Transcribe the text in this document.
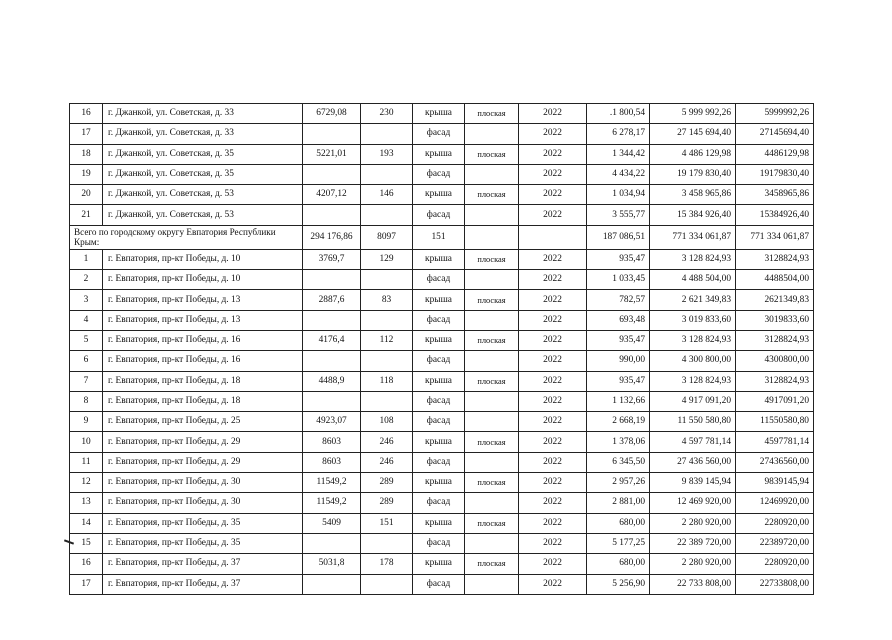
16	г. Джанкой, ул. Советская, д. 33	6729,08	230	крыша	плоская	2022	.1 800,54	5 999 992,26	5999992,26
17	г. Джанкой, ул. Советская, д. 33			фасад		2022	6 278,17	27 145 694,40	27145694,40
18	г. Джанкой, ул. Советская, д. 35	5221,01	193	крыша	плоская	2022	1 344,42	4 486 129,98	4486129,98
19	г. Джанкой, ул. Советская, д. 35			фасад		2022	4 434,22	19 179 830,40	19179830,40
20	г. Джанкой, ул. Советская, д. 53	4207,12	146	крыша	плоская	2022	1 034,94	3 458 965,86	3458965,86
21	г. Джанкой, ул. Советская, д. 53			фасад		2022	3 555,77	15 384 926,40	15384926,40
Всего по городскому округу Евпатория Республики Крым:		294 176,86	8097	151			187 086,51	771 334 061,87	771 334 061,87
1	г. Евпатория, пр-кт Победы, д. 10	3769,7	129	крыша	плоская	2022	935,47	3 128 824,93	3128824,93
2	г. Евпатория, пр-кт Победы, д. 10			фасад		2022	1 033,45	4 488 504,00	4488504,00
3	г. Евпатория, пр-кт Победы, д. 13	2887,6	83	крыша	плоская	2022	782,57	2 621 349,83	2621349,83
4	г. Евпатория, пр-кт Победы, д. 13			фасад		2022	693,48	3 019 833,60	3019833,60
5	г. Евпатория, пр-кт Победы, д. 16	4176,4	112	крыша	плоская	2022	935,47	3 128 824,93	3128824,93
6	г. Евпатория, пр-кт Победы, д. 16			фасад		2022	990,00	4 300 800,00	4300800,00
7	г. Евпатория, пр-кт Победы, д. 18	4488,9	118	крыша	плоская	2022	935,47	3 128 824,93	3128824,93
8	г. Евпатория, пр-кт Победы, д. 18			фасад		2022	1 132,66	4 917 091,20	4917091,20
9	г. Евпатория, пр-кт Победы, д. 25	4923,07	108	фасад		2022	2 668,19	11 550 580,80	11550580,80
10	г. Евпатория, пр-кт Победы, д. 29	8603	246	крыша	плоская	2022	1 378,06	4 597 781,14	4597781,14
11	г. Евпатория, пр-кт Победы, д. 29	8603	246	фасад		2022	6 345,50	27 436 560,00	27436560,00
12	г. Евпатория, пр-кт Победы, д. 30	11549,2	289	крыша	плоская	2022	2 957,26	9 839 145,94	9839145,94
13	г. Евпатория, пр-кт Победы, д. 30	11549,2	289	фасад		2022	2 881,00	12 469 920,00	12469920,00
14	г. Евпатория, пр-кт Победы, д. 35	5409	151	крыша	плоская	2022	680,00	2 280 920,00	2280920,00
15	г. Евпатория, пр-кт Победы, д. 35			фасад		2022	5 177,25	22 389 720,00	22389720,00
16	г. Евпатория, пр-кт Победы, д. 37	5031,8	178	крыша	плоская	2022	680,00	2 280 920,00	2280920,00
17	г. Евпатория, пр-кт Победы, д. 37			фасад		2022	5 256,90	22 733 808,00	22733808,00
